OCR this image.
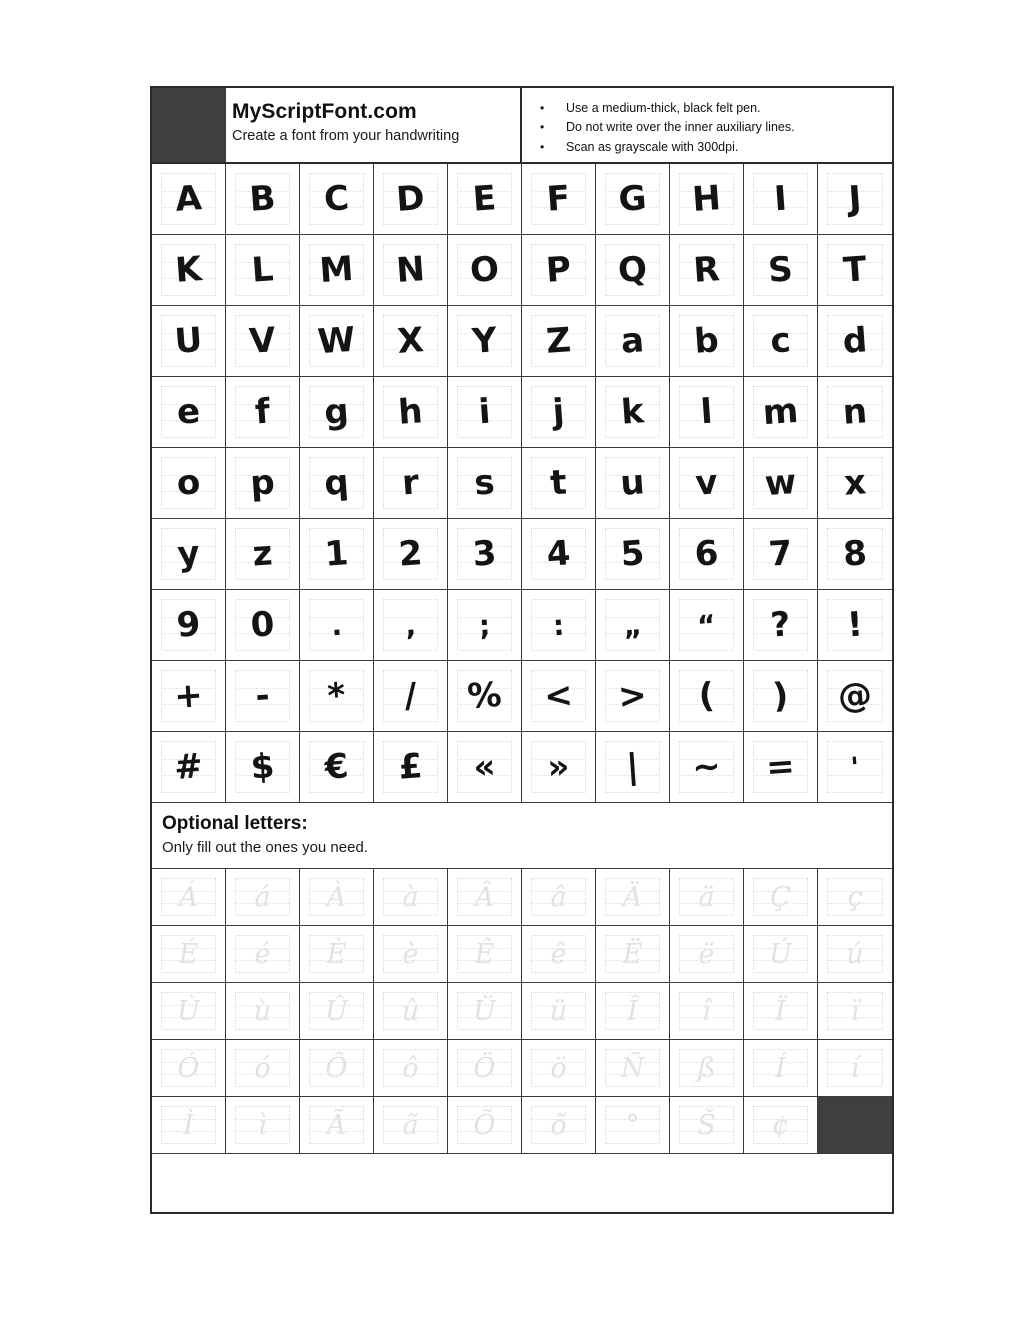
MyScriptFont.com
Create a font from your handwriting
•	Use a medium-thick, black felt pen.
•	Do not write over the inner auxiliary lines.
•	Scan as grayscale with 300dpi.
A	B	C	D	E	F	G	H	I	J
K	L	M	N	O	P	Q	R	S	T
U	V	W	X	Y	Z	a	b	c	d
e	f	g	h	i	j	k	l	m	n
o	p	q	r	s	t	u	v	w	x
y	z	1	2	3	4	5	6	7	8
9	0	.	,	;	:	„	“	?	!
+	-	*	/	%	<	>	(	)	@
#	$	€	£	«	»	|	~	=	'
Optional letters:
Only fill out the ones you need.
Á	á	À	à	Â	â	Ä	ä	Ç	ç
É	é	È	è	Ê	ê	Ë	ë	Ú	ú
Ù	ù	Û	û	Ü	ü	Î	î	Ï	ï
Ó	ó	Ô	ô	Ö	ö	Ñ	ß	Í	í
Ì	ì	Ã	ã	Õ	õ	°	Š	¢
